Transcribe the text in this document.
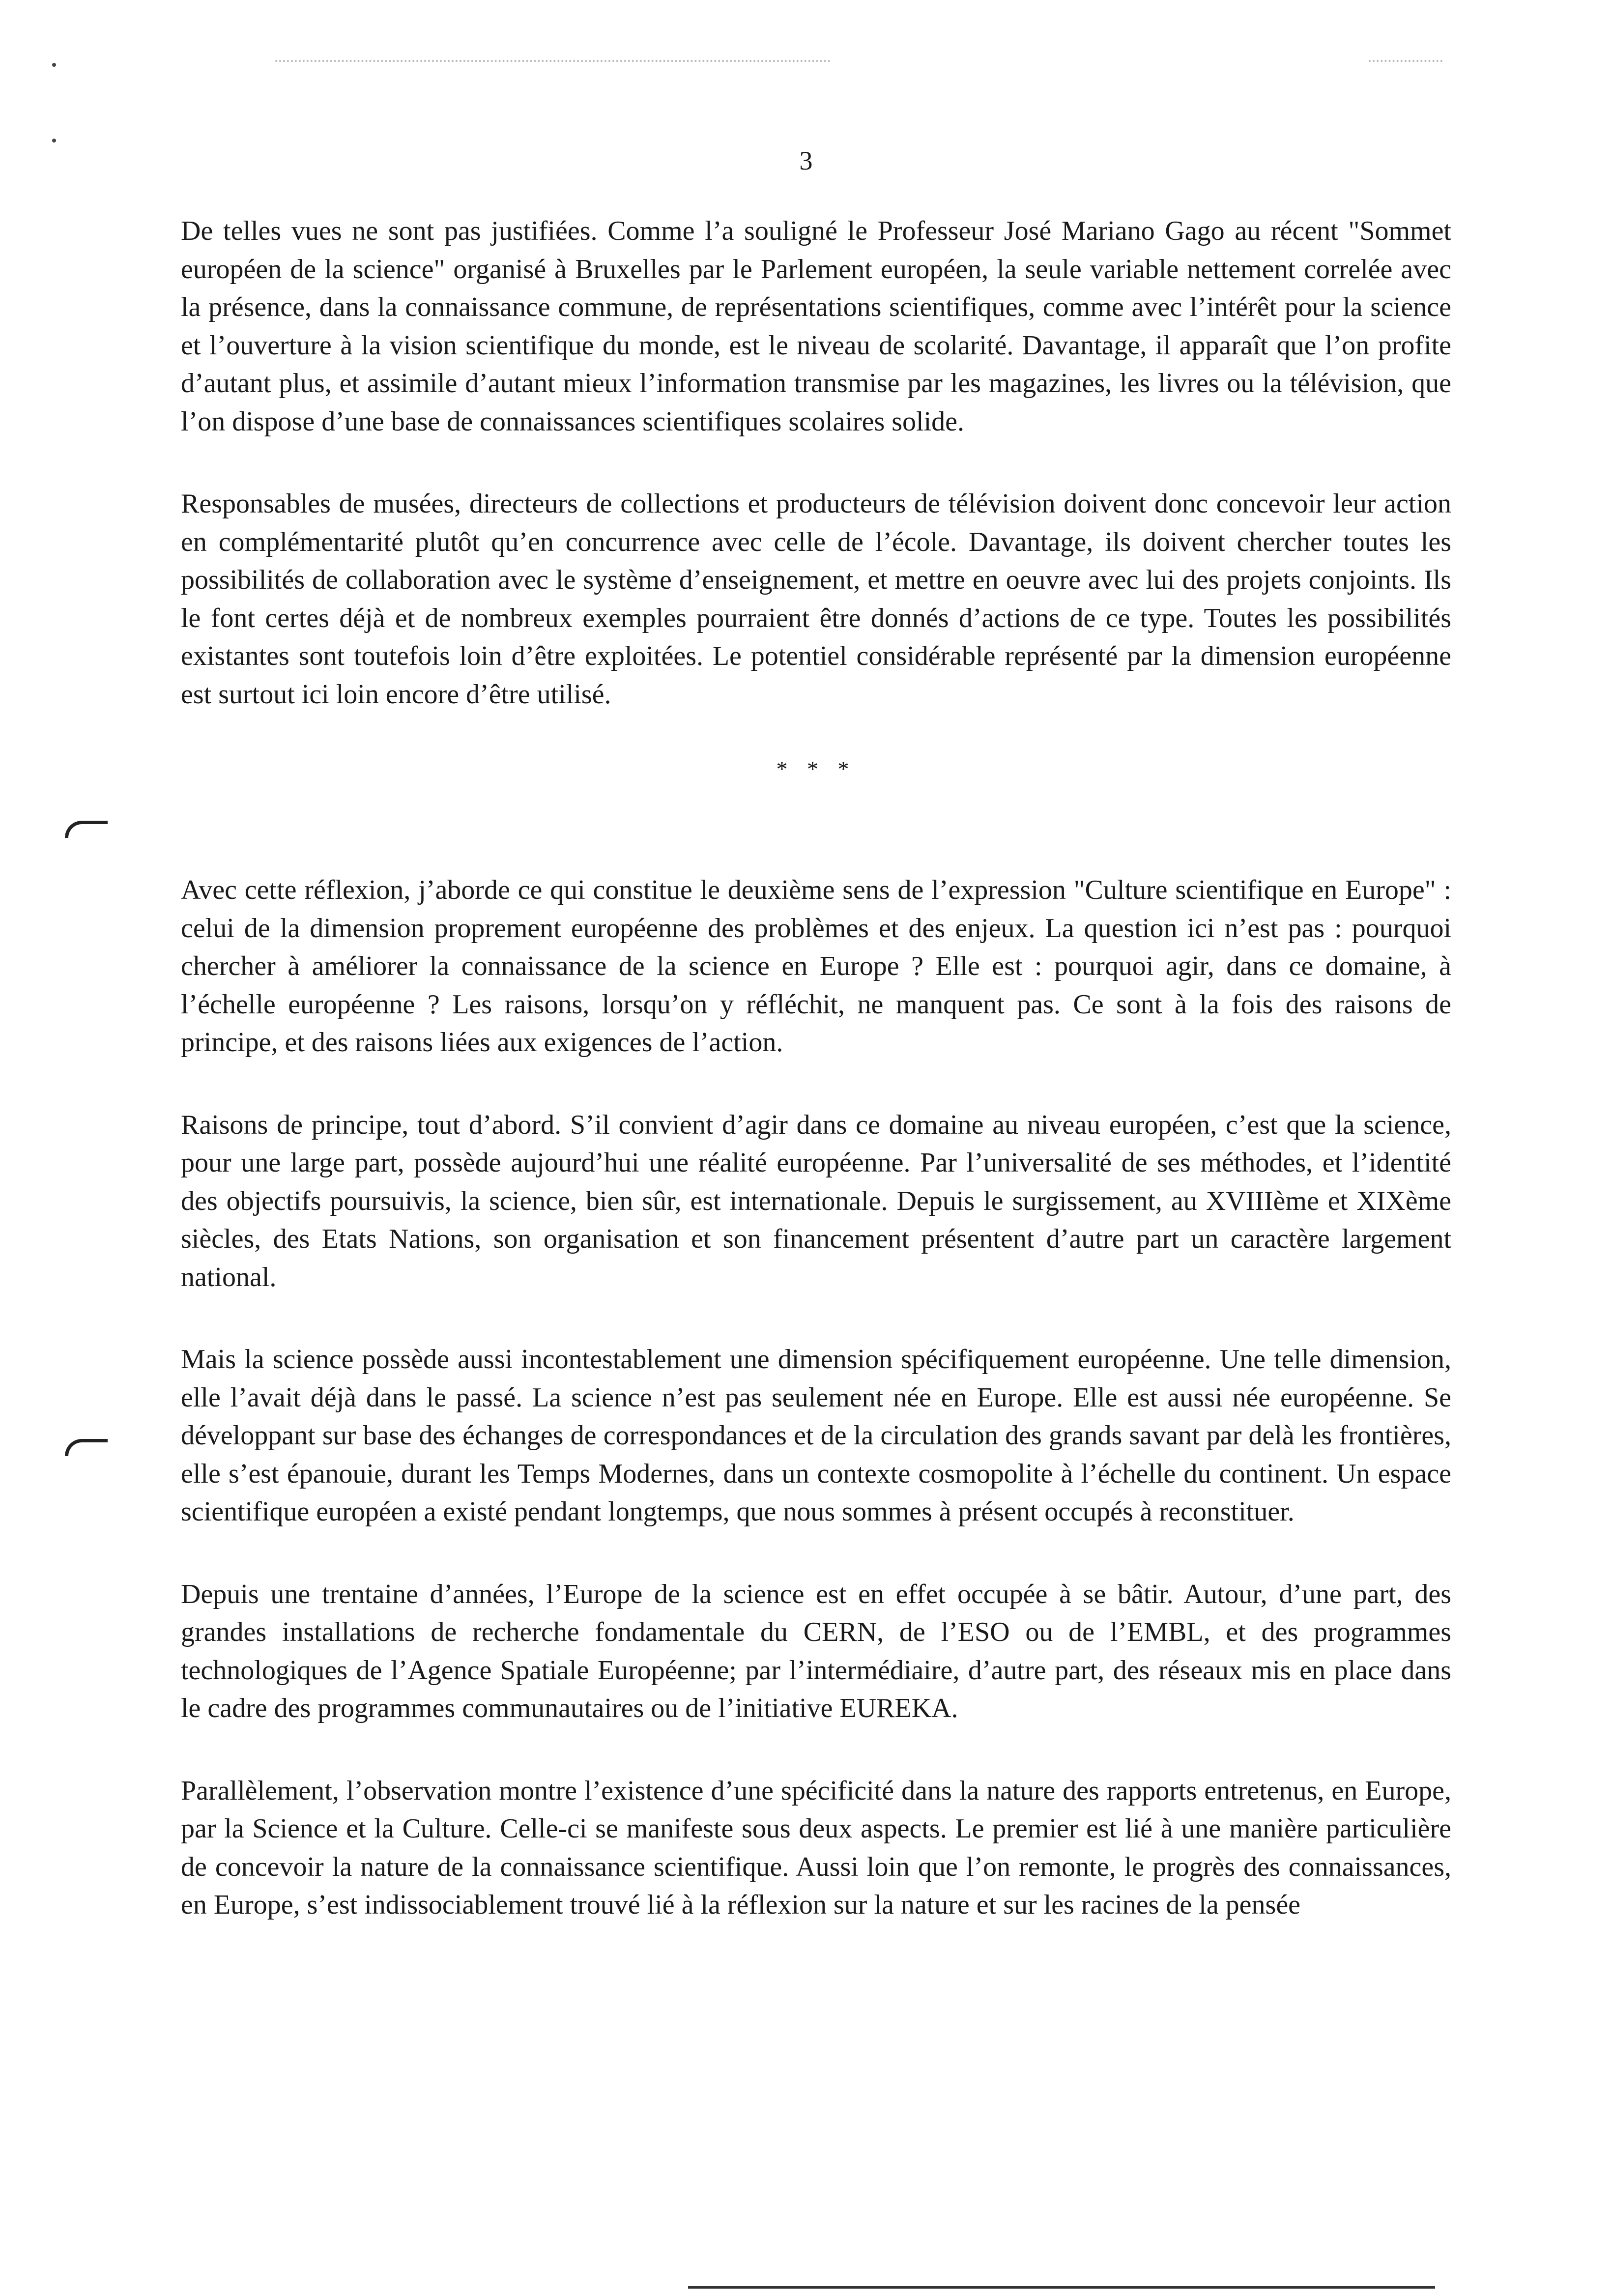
3

De telles vues ne sont pas justifiées. Comme l’a souligné le Professeur José Mariano Gago au récent "Sommet européen de la science" organisé à Bruxelles par le Parlement européen, la seule variable nettement correlée avec la présence, dans la connaissance commune, de représentations scientifiques, comme avec l’intérêt pour la science et l’ouverture à la vision scientifique du monde, est le niveau de scolarité. Davantage, il apparaît que l’on profite d’autant plus, et assimile d’autant mieux l’information transmise par les magazines, les livres ou la télévision, que l’on dispose d’une base de connaissances scientifiques scolaires solide.

Responsables de musées, directeurs de collections et producteurs de télévision doivent donc concevoir leur action en complémentarité plutôt qu’en concurrence avec celle de l’école. Davantage, ils doivent chercher toutes les possibilités de collaboration avec le système d’enseignement, et mettre en oeuvre avec lui des projets conjoints. Ils le font certes déjà et de nombreux exemples pourraient être donnés d’actions de ce type. Toutes les possibilités existantes sont toutefois loin d’être exploitées. Le potentiel considérable représenté par la dimension européenne est surtout ici loin encore d’être utilisé.

* * *

Avec cette réflexion, j’aborde ce qui constitue le deuxième sens de l’expression "Culture scientifique en Europe" : celui de la dimension proprement européenne des problèmes et des enjeux. La question ici n’est pas : pourquoi chercher à améliorer la connaissance de la science en Europe ? Elle est : pourquoi agir, dans ce domaine, à l’échelle européenne ? Les raisons, lorsqu’on y réfléchit, ne manquent pas. Ce sont à la fois des raisons de principe, et des raisons liées aux exigences de l’action.

Raisons de principe, tout d’abord. S’il convient d’agir dans ce domaine au niveau européen, c’est que la science, pour une large part, possède aujourd’hui une réalité européenne. Par l’universalité de ses méthodes, et l’identité des objectifs poursuivis, la science, bien sûr, est internationale. Depuis le surgissement, au XVIIIème et XIXème siècles, des Etats Nations, son organisation et son financement présentent d’autre part un caractère largement national.

Mais la science possède aussi incontestablement une dimension spécifiquement européenne. Une telle dimension, elle l’avait déjà dans le passé. La science n’est pas seulement née en Europe. Elle est aussi née européenne. Se développant sur base des échanges de correspondances et de la circulation des grands savant par delà les frontières, elle s’est épanouie, durant les Temps Modernes, dans un contexte cosmopolite à l’échelle du continent. Un espace scientifique européen a existé pendant longtemps, que nous sommes à présent occupés à reconstituer.

Depuis une trentaine d’années, l’Europe de la science est en effet occupée à se bâtir. Autour, d’une part, des grandes installations de recherche fondamentale du CERN, de l’ESO ou de l’EMBL, et des programmes technologiques de l’Agence Spatiale Européenne; par l’intermédiaire, d’autre part, des réseaux mis en place dans le cadre des programmes communautaires ou de l’initiative EUREKA.

Parallèlement, l’observation montre l’existence d’une spécificité dans la nature des rapports entretenus, en Europe, par la Science et la Culture. Celle-ci se manifeste sous deux aspects. Le premier est lié à une manière particulière de concevoir la nature de la connaissance scientifique. Aussi loin que l’on remonte, le progrès des connaissances, en Europe, s’est indissociablement trouvé lié à la réflexion sur la nature et sur les racines de la pensée
